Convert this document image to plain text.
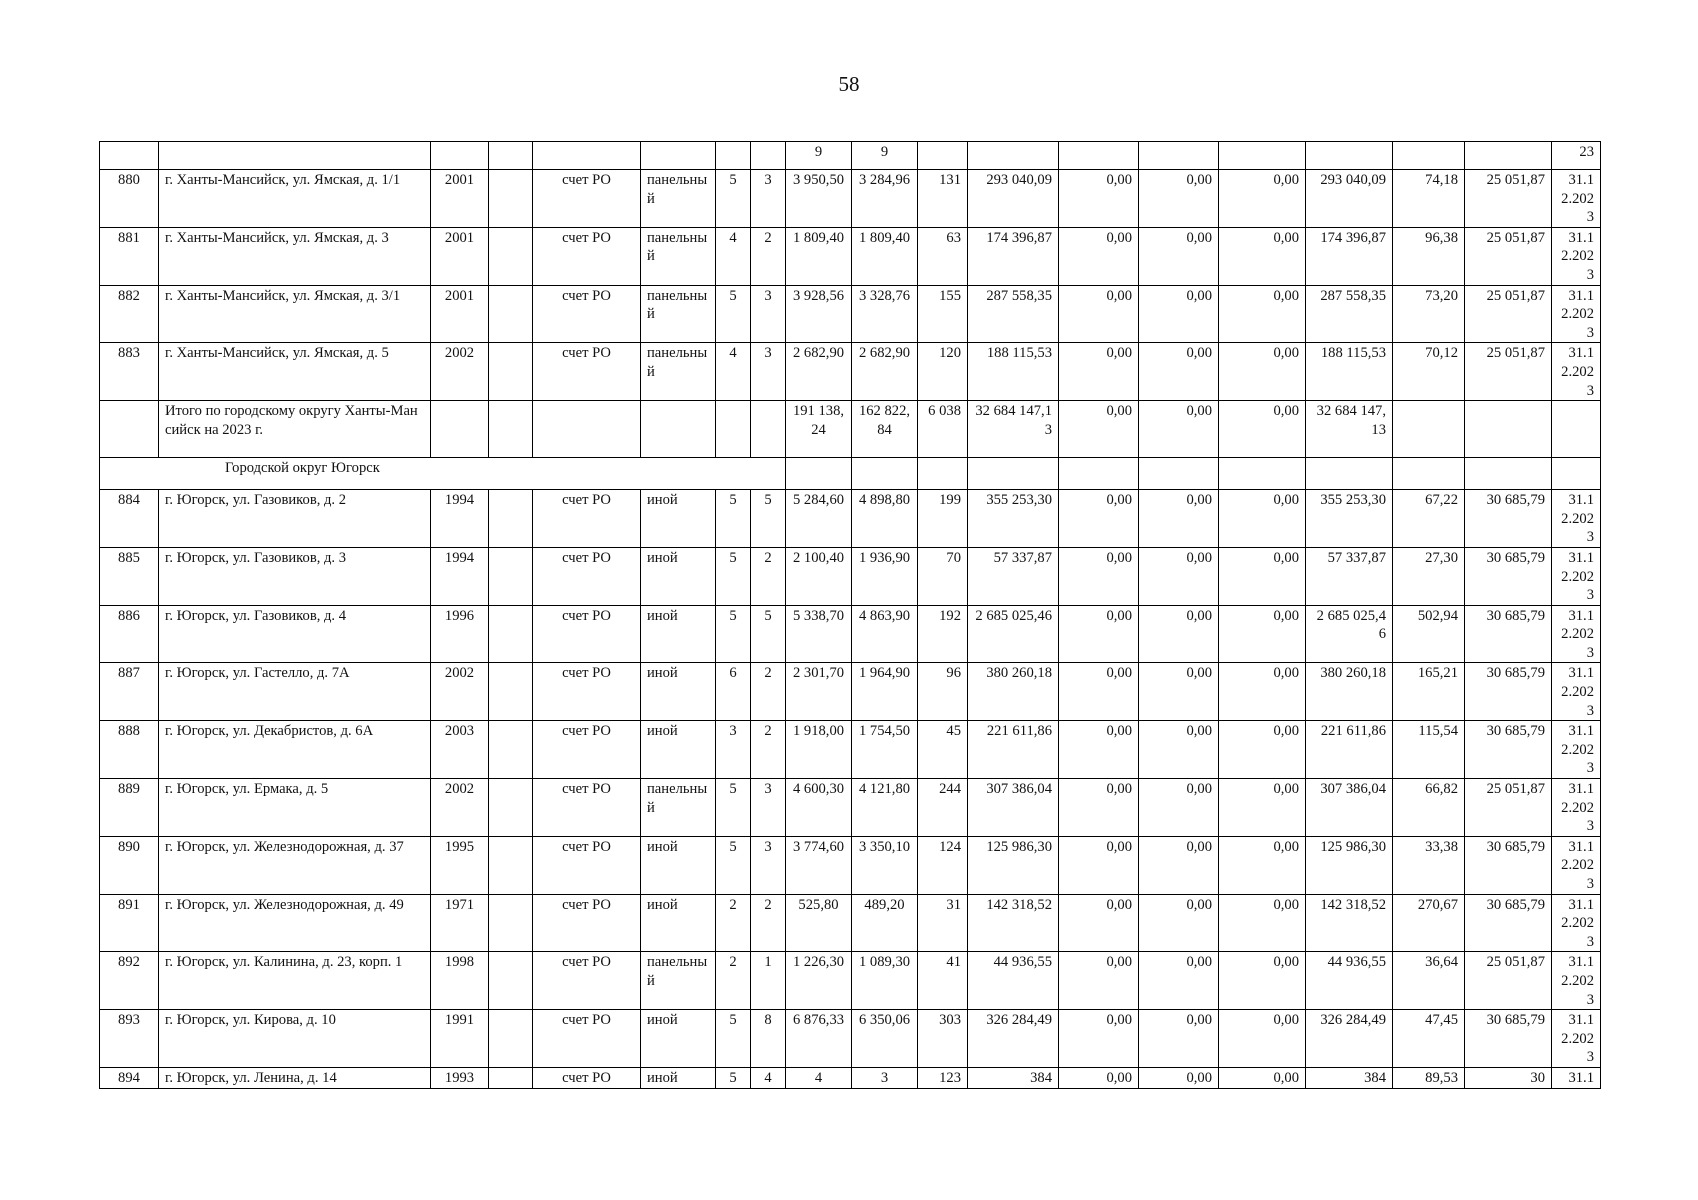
58
								9	9									23
880	г. Ханты-Мансийск, ул. Ямская, д. 1/1	2001		счет РО	панельный	5	3	3 950,50	3 284,96	131	293 040,09	0,00	0,00	0,00	293 040,09	74,18	25 051,87	31.12.2023
881	г. Ханты-Мансийск, ул. Ямская, д. 3	2001		счет РО	панельный	4	2	1 809,40	1 809,40	63	174 396,87	0,00	0,00	0,00	174 396,87	96,38	25 051,87	31.12.2023
882	г. Ханты-Мансийск, ул. Ямская, д. 3/1	2001		счет РО	панельный	5	3	3 928,56	3 328,76	155	287 558,35	0,00	0,00	0,00	287 558,35	73,20	25 051,87	31.12.2023
883	г. Ханты-Мансийск, ул. Ямская, д. 5	2002		счет РО	панельный	4	3	2 682,90	2 682,90	120	188 115,53	0,00	0,00	0,00	188 115,53	70,12	25 051,87	31.12.2023
	Итого по городскому округу Ханты-Мансийск на 2023 г.							191 138,24	162 822,84	6 038	32 684 147,13	0,00	0,00	0,00	32 684 147,13			
Городской округ Югорск																		
884	г. Югорск, ул. Газовиков, д. 2	1994		счет РО	иной	5	5	5 284,60	4 898,80	199	355 253,30	0,00	0,00	0,00	355 253,30	67,22	30 685,79	31.12.2023
885	г. Югорск, ул. Газовиков, д. 3	1994		счет РО	иной	5	2	2 100,40	1 936,90	70	57 337,87	0,00	0,00	0,00	57 337,87	27,30	30 685,79	31.12.2023
886	г. Югорск, ул. Газовиков, д. 4	1996		счет РО	иной	5	5	5 338,70	4 863,90	192	2 685 025,46	0,00	0,00	0,00	2 685 025,46	502,94	30 685,79	31.12.2023
887	г. Югорск, ул. Гастелло, д. 7А	2002		счет РО	иной	6	2	2 301,70	1 964,90	96	380 260,18	0,00	0,00	0,00	380 260,18	165,21	30 685,79	31.12.2023
888	г. Югорск, ул. Декабристов, д. 6А	2003		счет РО	иной	3	2	1 918,00	1 754,50	45	221 611,86	0,00	0,00	0,00	221 611,86	115,54	30 685,79	31.12.2023
889	г. Югорск, ул. Ермака, д. 5	2002		счет РО	панельный	5	3	4 600,30	4 121,80	244	307 386,04	0,00	0,00	0,00	307 386,04	66,82	25 051,87	31.12.2023
890	г. Югорск, ул. Железнодорожная, д. 37	1995		счет РО	иной	5	3	3 774,60	3 350,10	124	125 986,30	0,00	0,00	0,00	125 986,30	33,38	30 685,79	31.12.2023
891	г. Югорск, ул. Железнодорожная, д. 49	1971		счет РО	иной	2	2	525,80	489,20	31	142 318,52	0,00	0,00	0,00	142 318,52	270,67	30 685,79	31.12.2023
892	г. Югорск, ул. Калинина, д. 23, корп. 1	1998		счет РО	панельный	2	1	1 226,30	1 089,30	41	44 936,55	0,00	0,00	0,00	44 936,55	36,64	25 051,87	31.12.2023
893	г. Югорск, ул. Кирова, д. 10	1991		счет РО	иной	5	8	6 876,33	6 350,06	303	326 284,49	0,00	0,00	0,00	326 284,49	47,45	30 685,79	31.12.2023
894	г. Югорск, ул. Ленина, д. 14	1993		счет РО	иной	5	4	4	3	123	384	0,00	0,00	0,00	384	89,53	30	31.1
